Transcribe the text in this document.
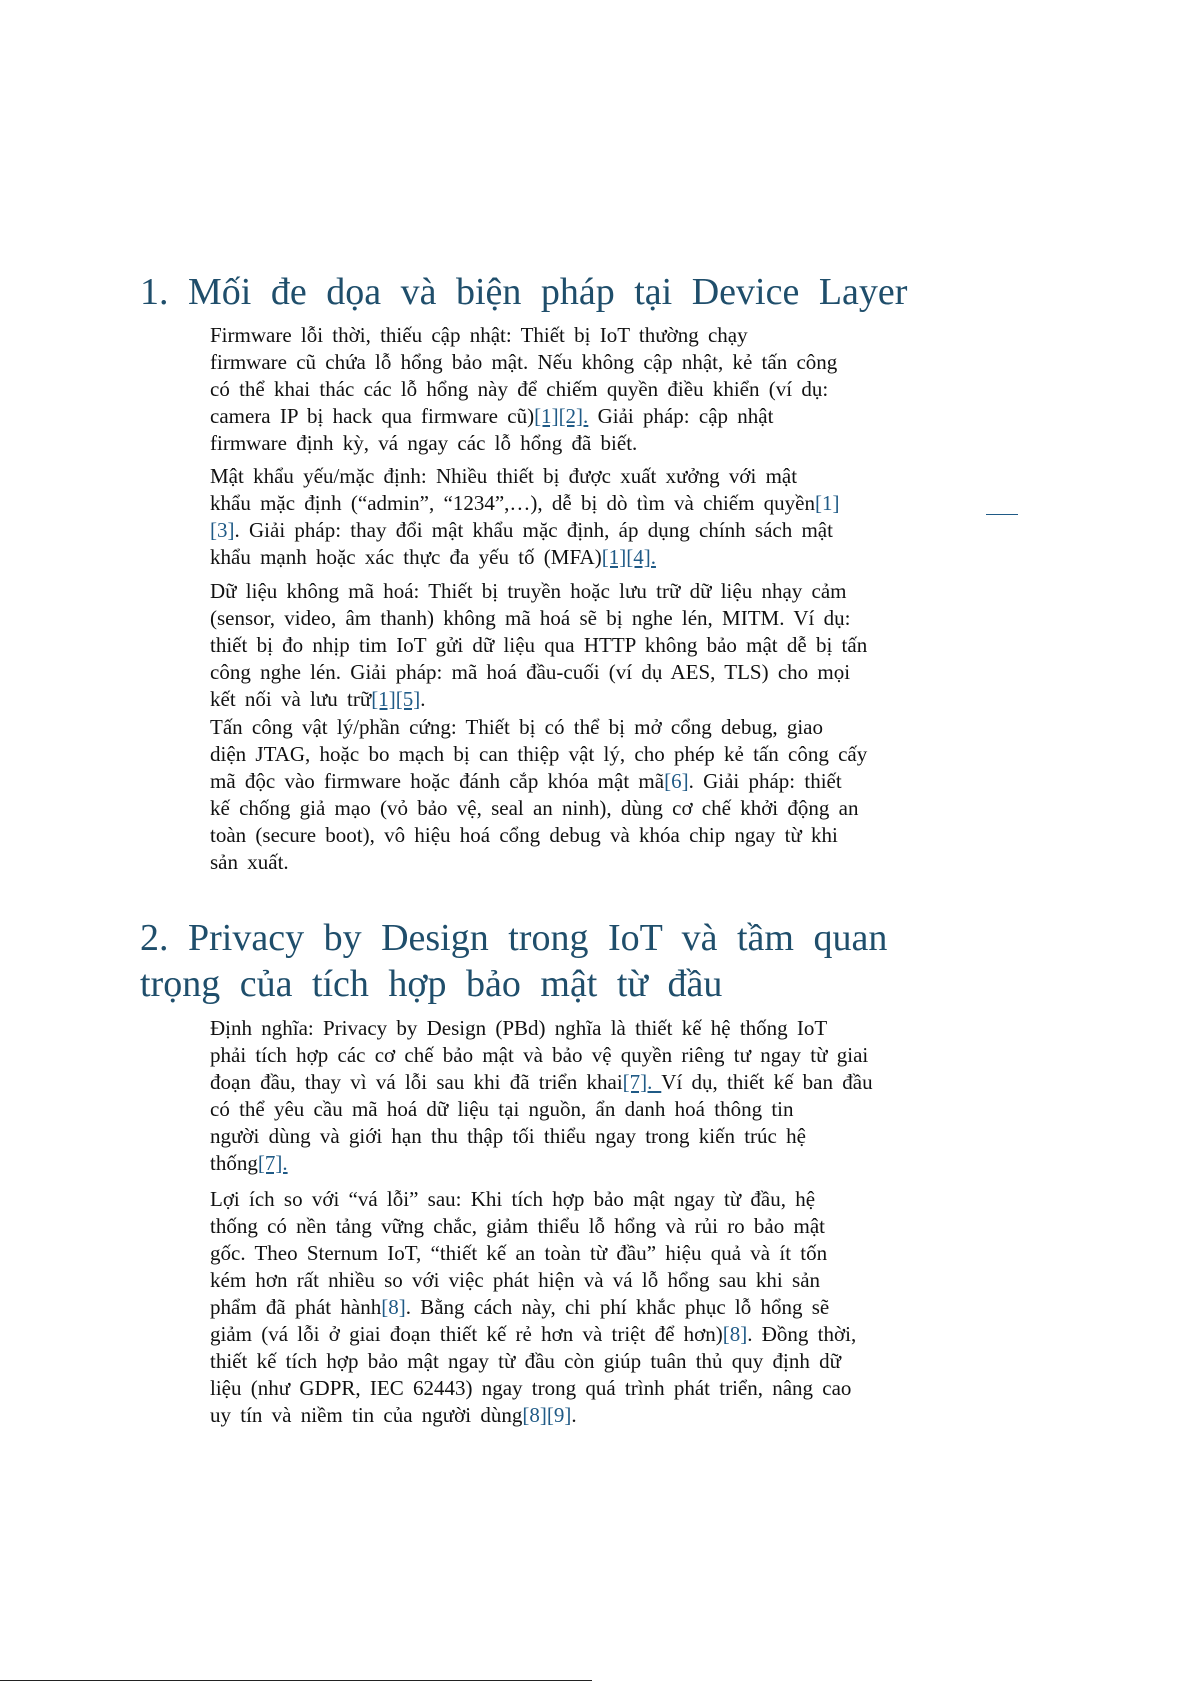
1. Mối đe dọa và biện pháp tại Device Layer
2. Privacy by Design trong IoT và tầm quan
trọng của tích hợp bảo mật từ đầu
Firmware lỗi thời, thiếu cập nhật: Thiết bị IoT thường chạy
firmware cũ chứa lỗ hổng bảo mật. Nếu không cập nhật, kẻ tấn công
có thể khai thác các lỗ hổng này để chiếm quyền điều khiển (ví dụ:
camera IP bị hack qua firmware cũ)[1][2]. Giải pháp: cập nhật
firmware định kỳ, vá ngay các lỗ hổng đã biết.
Mật khẩu yếu/mặc định: Nhiều thiết bị được xuất xưởng với mật
khẩu mặc định (“admin”, “1234”,…), dễ bị dò tìm và chiếm quyền[1]
[3]. Giải pháp: thay đổi mật khẩu mặc định, áp dụng chính sách mật
khẩu mạnh hoặc xác thực đa yếu tố (MFA)[1][4].
Dữ liệu không mã hoá: Thiết bị truyền hoặc lưu trữ dữ liệu nhạy cảm
(sensor, video, âm thanh) không mã hoá sẽ bị nghe lén, MITM. Ví dụ:
thiết bị đo nhịp tim IoT gửi dữ liệu qua HTTP không bảo mật dễ bị tấn
công nghe lén. Giải pháp: mã hoá đầu-cuối (ví dụ AES, TLS) cho mọi
kết nối và lưu trữ[1][5].
Tấn công vật lý/phần cứng: Thiết bị có thể bị mở cổng debug, giao
diện JTAG, hoặc bo mạch bị can thiệp vật lý, cho phép kẻ tấn công cấy
mã độc vào firmware hoặc đánh cắp khóa mật mã[6]. Giải pháp: thiết
kế chống giả mạo (vỏ bảo vệ, seal an ninh), dùng cơ chế khởi động an
toàn (secure boot), vô hiệu hoá cổng debug và khóa chip ngay từ khi
sản xuất.
Định nghĩa: Privacy by Design (PBd) nghĩa là thiết kế hệ thống IoT
phải tích hợp các cơ chế bảo mật và bảo vệ quyền riêng tư ngay từ giai
đoạn đầu, thay vì vá lỗi sau khi đã triển khai[7]. Ví dụ, thiết kế ban đầu
có thể yêu cầu mã hoá dữ liệu tại nguồn, ẩn danh hoá thông tin
người dùng và giới hạn thu thập tối thiểu ngay trong kiến trúc hệ
thống[7].
Lợi ích so với “vá lỗi” sau: Khi tích hợp bảo mật ngay từ đầu, hệ
thống có nền tảng vững chắc, giảm thiểu lỗ hổng và rủi ro bảo mật
gốc. Theo Sternum IoT, “thiết kế an toàn từ đầu” hiệu quả và ít tốn
kém hơn rất nhiều so với việc phát hiện và vá lỗ hổng sau khi sản
phẩm đã phát hành[8]. Bằng cách này, chi phí khắc phục lỗ hổng sẽ
giảm (vá lỗi ở giai đoạn thiết kế rẻ hơn và triệt để hơn)[8]. Đồng thời,
thiết kế tích hợp bảo mật ngay từ đầu còn giúp tuân thủ quy định dữ
liệu (như GDPR, IEC 62443) ngay trong quá trình phát triển, nâng cao
uy tín và niềm tin của người dùng[8][9].
